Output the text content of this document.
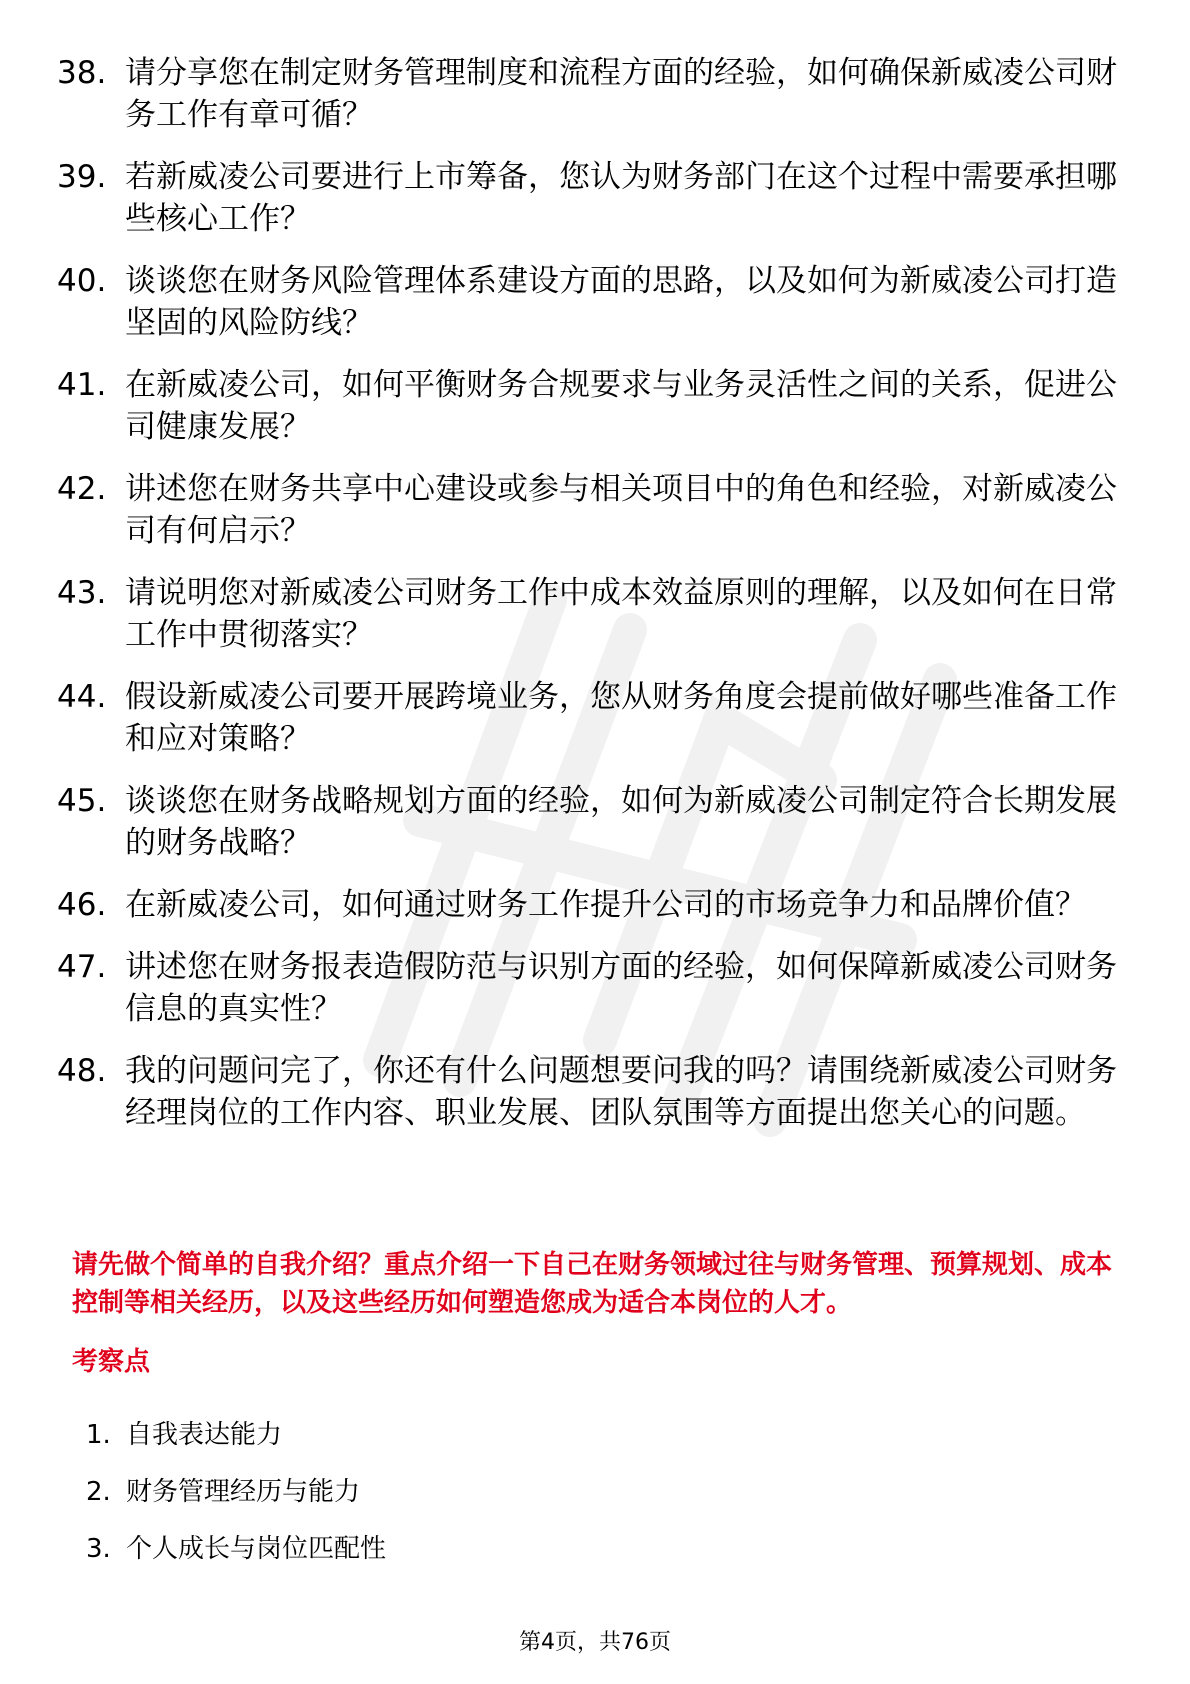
38. 请分享您在制定财务管理制度和流程方面的经验，如何确保新威凌公司财务工作有章可循？
39. 若新威凌公司要进行上市筹备，您认为财务部门在这个过程中需要承担哪些核心工作？
40. 谈谈您在财务风险管理体系建设方面的思路，以及如何为新威凌公司打造坚固的风险防线？
41. 在新威凌公司，如何平衡财务合规要求与业务灵活性之间的关系，促进公司健康发展？
42. 讲述您在财务共享中心建设或参与相关项目中的角色和经验，对新威凌公司有何启示？
43. 请说明您对新威凌公司财务工作中成本效益原则的理解，以及如何在日常工作中贯彻落实？
44. 假设新威凌公司要开展跨境业务，您从财务角度会提前做好哪些准备工作和应对策略？
45. 谈谈您在财务战略规划方面的经验，如何为新威凌公司制定符合长期发展的财务战略？
46. 在新威凌公司，如何通过财务工作提升公司的市场竞争力和品牌价值？
47. 讲述您在财务报表造假防范与识别方面的经验，如何保障新威凌公司财务信息的真实性？
48. 我的问题问完了，你还有什么问题想要问我的吗？请围绕新威凌公司财务经理岗位的工作内容、职业发展、团队氛围等方面提出您关心的问题。
请先做个简单的自我介绍？重点介绍一下自己在财务领域过往与财务管理、预算规划、成本控制等相关经历，以及这些经历如何塑造您成为适合本岗位的人才。
考察点
1. 自我表达能力
2. 财务管理经历与能力
3. 个人成长与岗位匹配性
第4页，共76页
